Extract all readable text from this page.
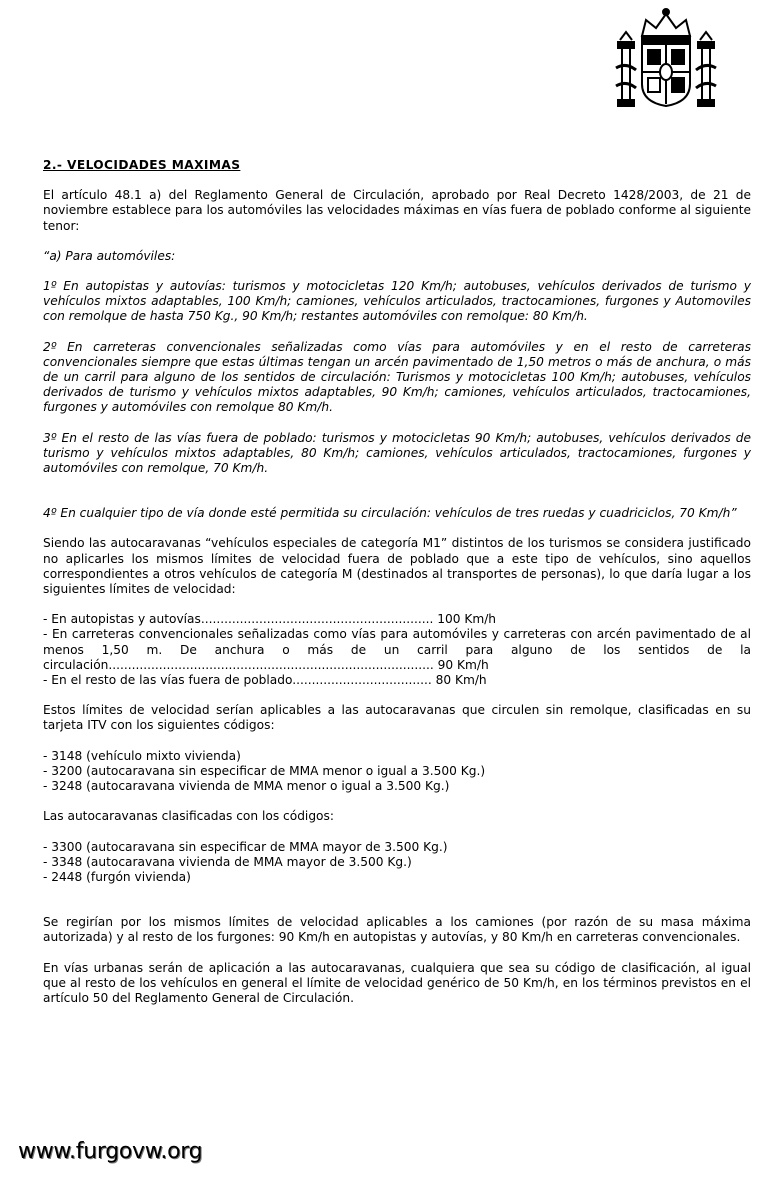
2.- VELOCIDADES MAXIMAS

El artículo 48.1 a) del Reglamento General de Circulación, aprobado por Real Decreto 1428/2003, de 21 de noviembre establece para los automóviles las velocidades máximas en vías fuera de poblado conforme al siguiente tenor:

“a) Para automóviles:

1º En autopistas y autovías: turismos y motocicletas 120 Km/h; autobuses, vehículos derivados de turismo y vehículos mixtos adaptables, 100 Km/h; camiones, vehículos articulados, tractocamiones, furgones y Automoviles con remolque de hasta 750 Kg., 90 Km/h; restantes automóviles con remolque: 80 Km/h.

2º En carreteras convencionales señalizadas como vías para automóviles y en el resto de carreteras convencionales siempre que estas últimas tengan un arcén pavimentado de 1,50 metros o más de anchura, o más de un carril para alguno de los sentidos de circulación: Turismos y motocicletas 100 Km/h; autobuses, vehículos derivados de turismo y vehículos mixtos adaptables, 90 Km/h; camiones, vehículos articulados, tractocamiones, furgones y automóviles con remolque 80 Km/h.

3º En el resto de las vías fuera de poblado: turismos y motocicletas 90 Km/h; autobuses, vehículos derivados de turismo y vehículos mixtos adaptables, 80 Km/h; camiones, vehículos articulados, tractocamiones, furgones y automóviles con remolque, 70 Km/h.

4º En cualquier tipo de vía donde esté permitida su circulación: vehículos de tres ruedas y cuadriciclos, 70 Km/h”

Siendo las autocaravanas “vehículos especiales de categoría M1” distintos de los turismos se considera justificado no aplicarles los mismos límites de velocidad fuera de poblado que a este tipo de vehículos, sino aquellos correspondientes a otros vehículos de categoría M (destinados al transportes de personas), lo que daría lugar a los siguientes límites de velocidad:

- En autopistas y autovías............................................................ 100 Km/h
- En carreteras convencionales señalizadas como vías para automóviles y carreteras con arcén pavimentado de al menos 1,50 m. De anchura o más de un carril para alguno de los sentidos de la circulación.................................................................................... 90 Km/h
- En el resto de las vías fuera de poblado.................................... 80 Km/h

Estos límites de velocidad serían aplicables a las autocaravanas que circulen sin remolque, clasificadas en su tarjeta ITV con los siguientes códigos:

- 3148 (vehículo mixto vivienda)
- 3200 (autocaravana sin especificar de MMA menor o igual a 3.500 Kg.)
- 3248 (autocaravana vivienda de MMA menor o igual a 3.500 Kg.)

Las autocaravanas clasificadas con los códigos:

- 3300 (autocaravana sin especificar de MMA mayor de 3.500 Kg.)
- 3348 (autocaravana vivienda de MMA mayor de 3.500 Kg.)
- 2448 (furgón vivienda)

Se regirían por los mismos límites de velocidad aplicables a los camiones (por razón de su masa máxima autorizada) y al resto de los furgones: 90 Km/h en autopistas y autovías, y 80 Km/h en carreteras convencionales.

En vías urbanas serán de aplicación a las autocaravanas, cualquiera que sea su código de clasificación, al igual que al resto de los vehículos en general el límite de velocidad genérico de 50 Km/h, en los términos previstos en el artículo 50 del Reglamento General de Circulación.

www.furgovw.org
